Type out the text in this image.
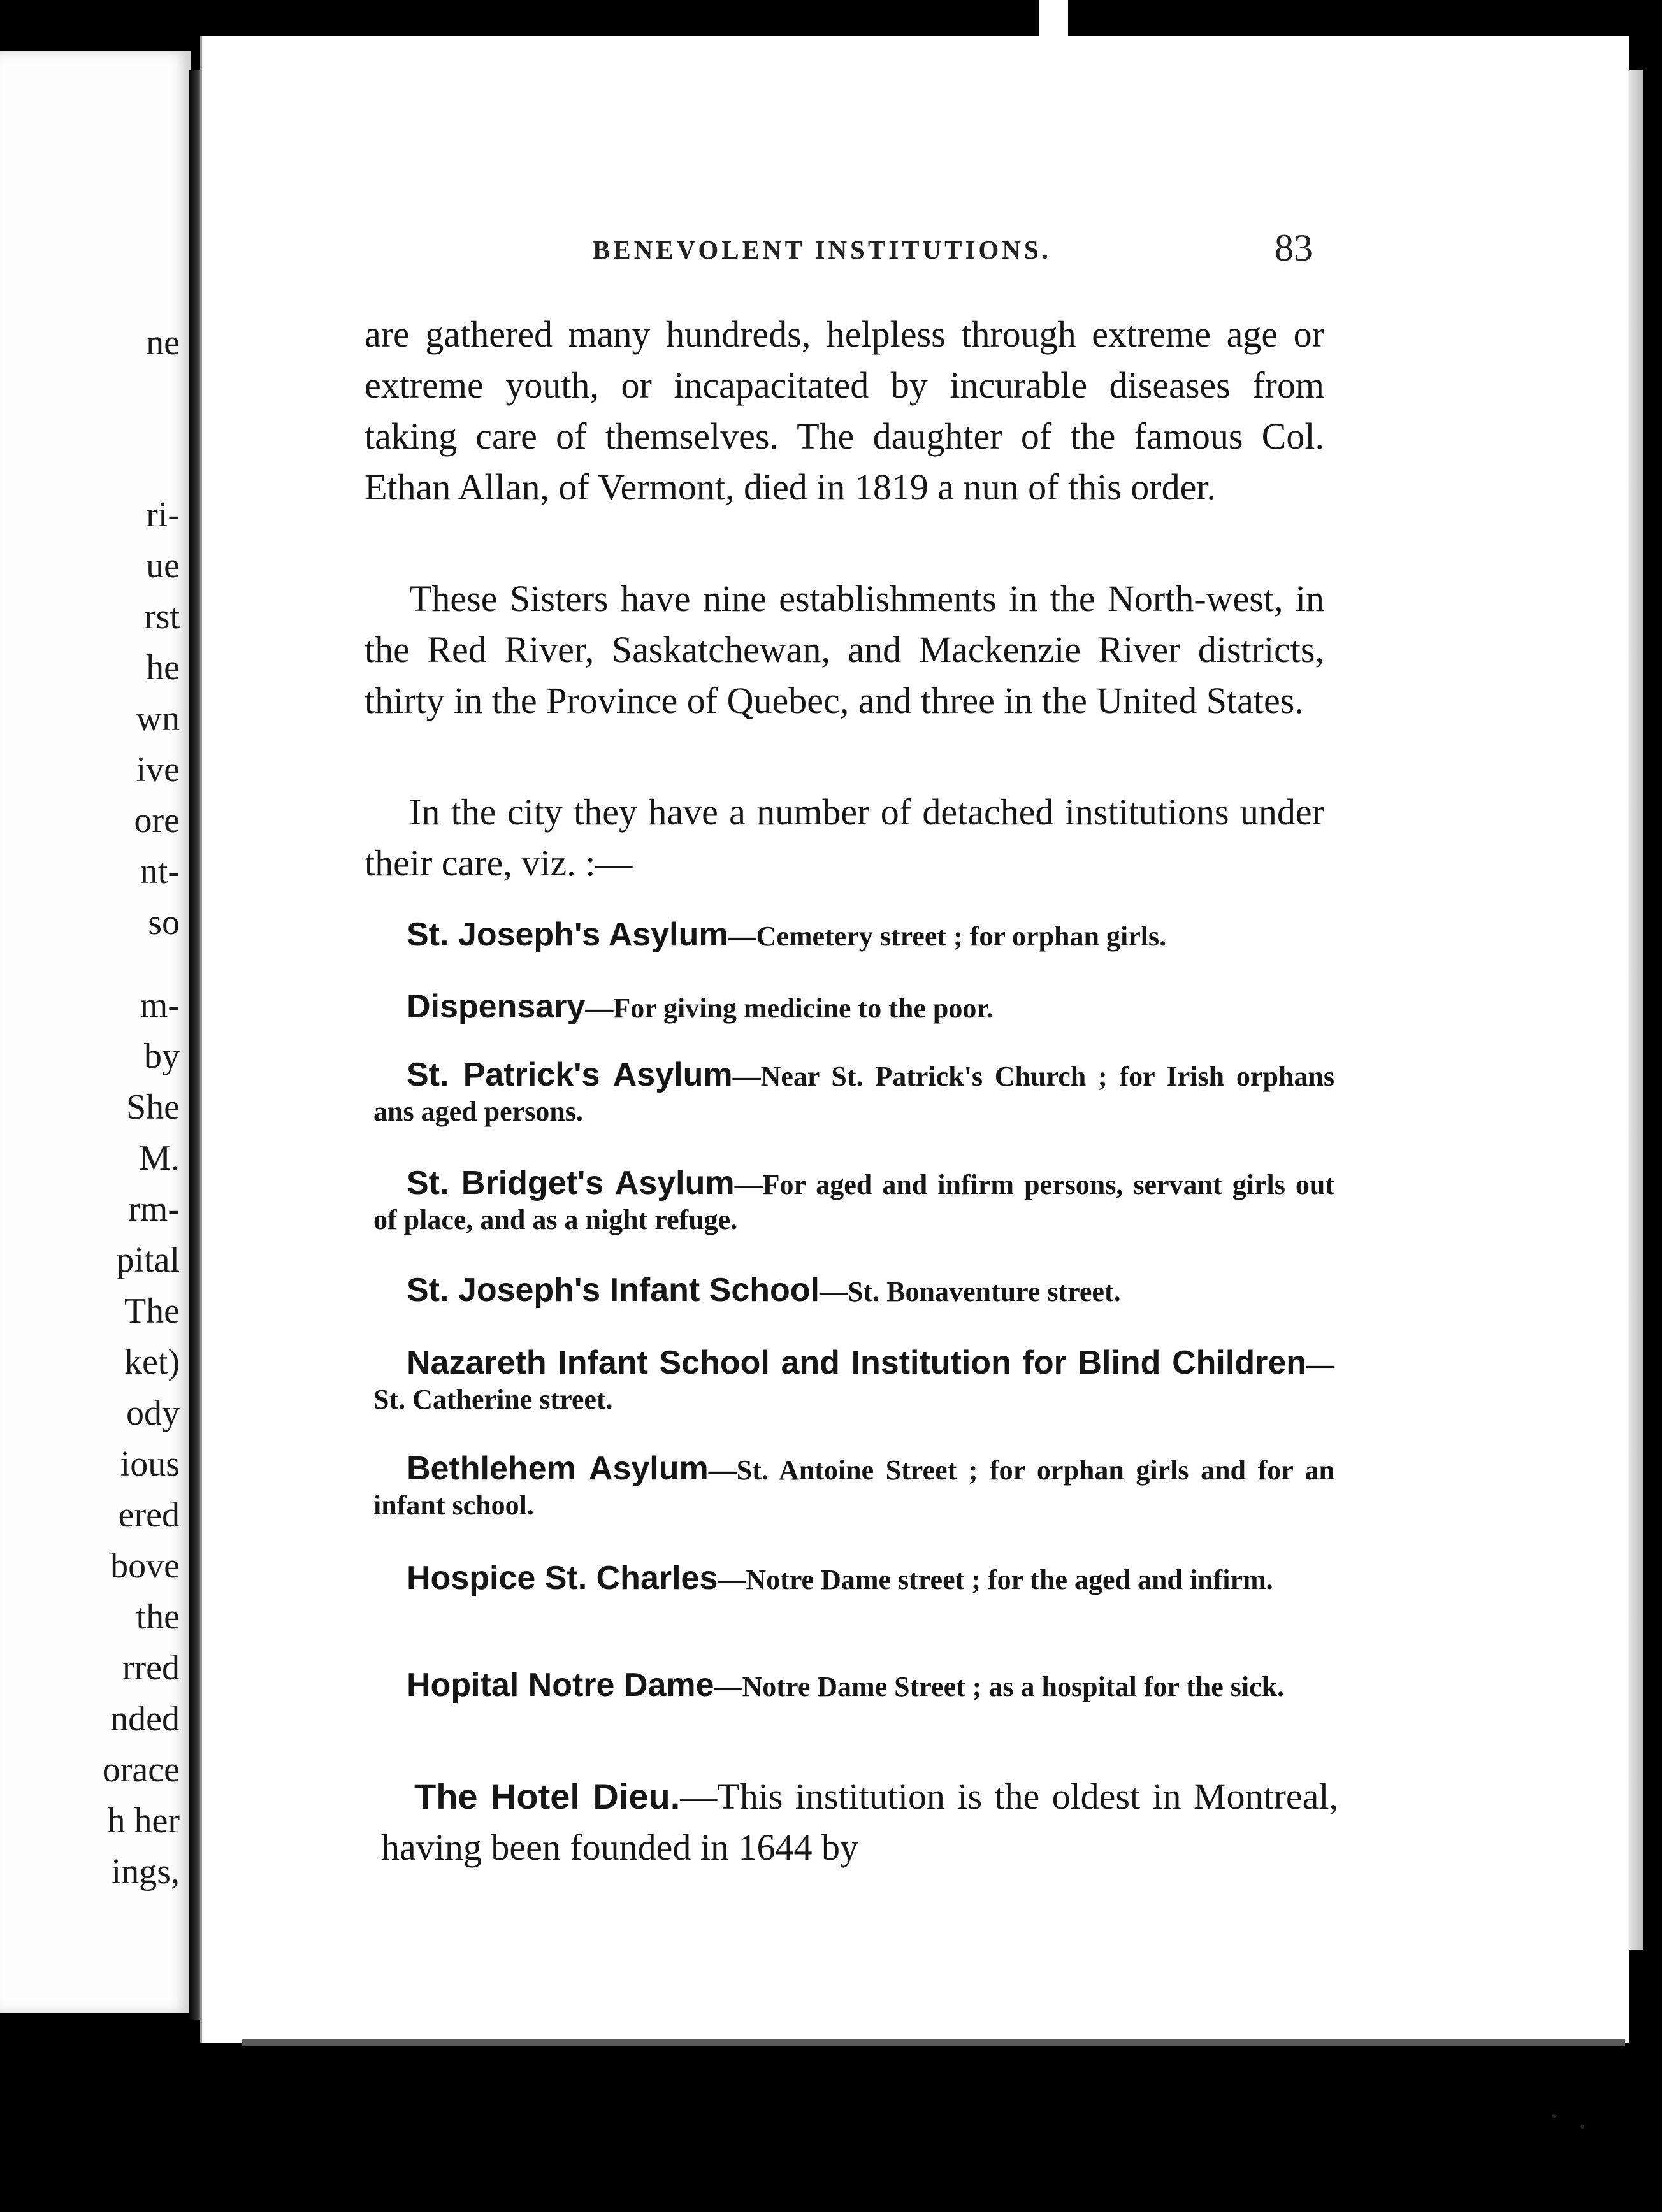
ne
ri-
ue
rst
he
wn
ive
ore
nt-
so
m-
by
She
M.
rm-
pital
The
ket)
ody
ious
ered
bove
the
rred
nded
orace
h her
ings,
BENEVOLENT INSTITUTIONS.	83

are gathered many hundreds, helpless through extreme age or extreme youth, or incapacitated by incurable diseases from taking care of themselves. The daughter of the famous Col. Ethan Allan, of Vermont, died in 1819 a nun of this order.

These Sisters have nine establishments in the North-west, in the Red River, Saskatchewan, and Mackenzie River districts, thirty in the Province of Quebec, and three in the United States.

In the city they have a number of detached institutions under their care, viz. :—

St. Joseph's Asylum—Cemetery street ; for orphan girls.

Dispensary—For giving medicine to the poor.

St. Patrick's Asylum—Near St. Patrick's Church ; for Irish orphans ans aged persons.

St. Bridget's Asylum—For aged and infirm persons, servant girls out of place, and as a night refuge.

St. Joseph's Infant School—St. Bonaventure street.

Nazareth Infant School and Institution for Blind Children—St. Catherine street.

Bethlehem Asylum—St. Antoine Street ; for orphan girls and for an infant school.

Hospice St. Charles—Notre Dame street ; for the aged and infirm.

Hopital Notre Dame—Notre Dame Street ; as a hospital for the sick.

The Hotel Dieu.—This institution is the oldest in Montreal, having been founded in 1644 by
